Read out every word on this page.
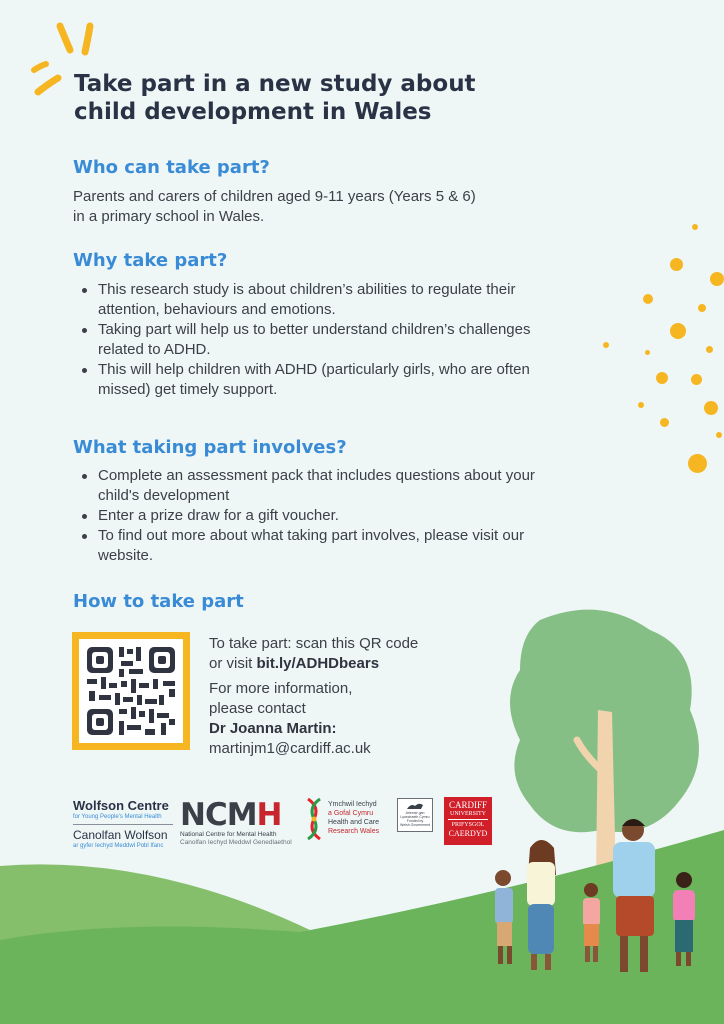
Take part in a new study about child development in Wales
Who can take part?

Parents and carers of children aged 9-11 years (Years 5 & 6)

in a primary school in Wales.

Why take part?
This research study is about children’s abilities to regulate their attention, behaviours and emotions.
Taking part will help us to better understand children’s challenges related to ADHD.
This will help children with ADHD (particularly girls, who are often missed) get timely support.
What taking part involves?
Complete an assessment pack that includes questions about your child's development
Enter a prize draw for a gift voucher.
To find out more about what taking part involves, please visit our website.
How to take part

To take part: scan this QR code

or visit bit.ly/ADHDbears

For more information,

please contact

Dr Joanna Martin:

martinjm1@cardiff.ac.uk

Wolfson Centre
for Young People's Mental Health
Canolfan Wolfson
ar gyfer Iechyd Meddwl Pobl Ifanc
NCMH
National Centre for Mental Health
Canolfan Iechyd Meddwl Genedlaethol
Ymchwil Iechyd
a Gofal Cymru
Health and Care
Research Wales
Ariennir gan
Lywodraeth Cymru
Funded by
Welsh Government
CARDIFF
UNIVERSITY
PRIFYSGOL
CAERDYD
